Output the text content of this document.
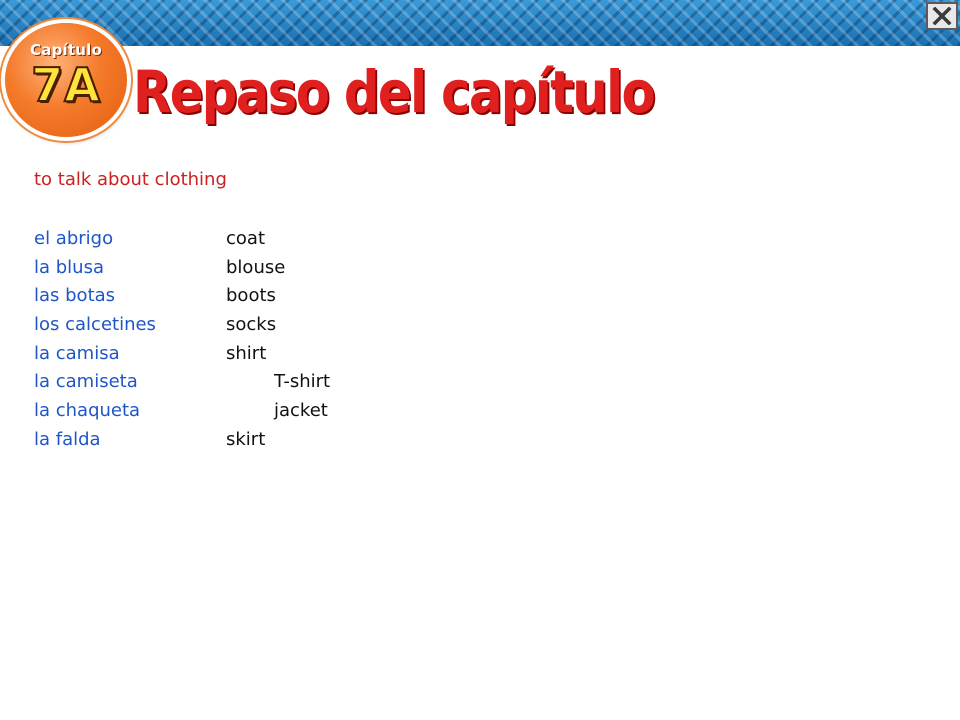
Capítulo
7A Repaso del capítulo
to talk about clothing
el abrigo	coat
la blusa	blouse
las botas	boots
los calcetines	socks
la camisa	shirt
la camiseta	T-shirt
la chaqueta	jacket
la falda	skirt
